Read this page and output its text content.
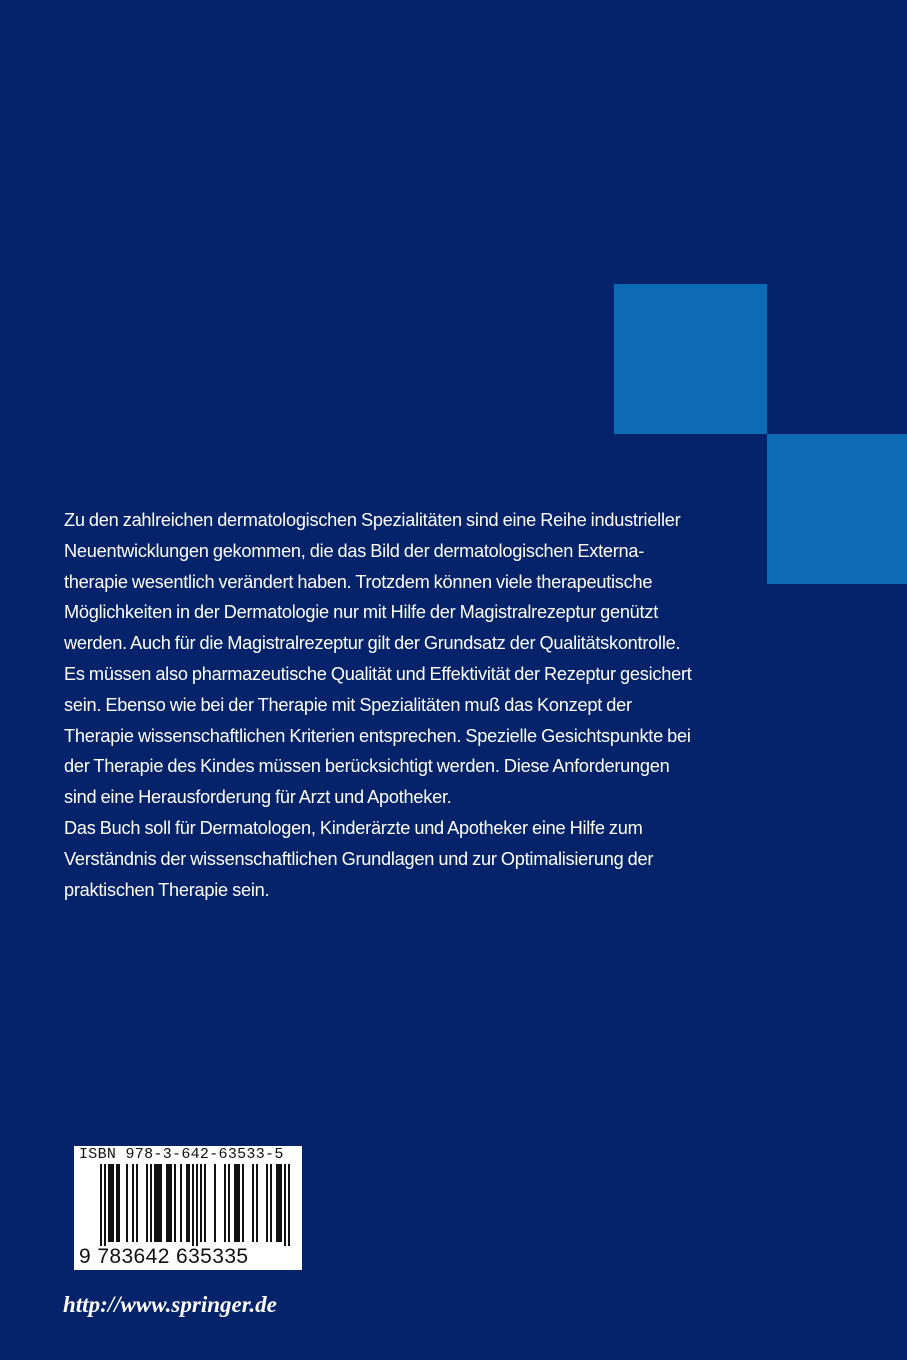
Zu den zahlreichen dermatologischen Spezialitäten sind eine Reihe industrieller
Neuentwicklungen gekommen, die das Bild der dermatologischen Externa-
therapie wesentlich verändert haben. Trotzdem können viele therapeutische
Möglichkeiten in der Dermatologie nur mit Hilfe der Magistralrezeptur genützt
werden. Auch für die Magistralrezeptur gilt der Grundsatz der Qualitätskontrolle.
Es müssen also pharmazeutische Qualität und Effektivität der Rezeptur gesichert
sein. Ebenso wie bei der Therapie mit Spezialitäten muß das Konzept der
Therapie wissenschaftlichen Kriterien entsprechen. Spezielle Gesichtspunkte bei
der Therapie des Kindes müssen berücksichtigt werden. Diese Anforderungen
sind eine Herausforderung für Arzt und Apotheker.
Das Buch soll für Dermatologen, Kinderärzte und Apotheker eine Hilfe zum
Verständnis der wissenschaftlichen Grundlagen und zur Optimalisierung der
praktischen Therapie sein.
ISBN 978-3-642-63533-5
9 783642 635335
http://www.springer.de
